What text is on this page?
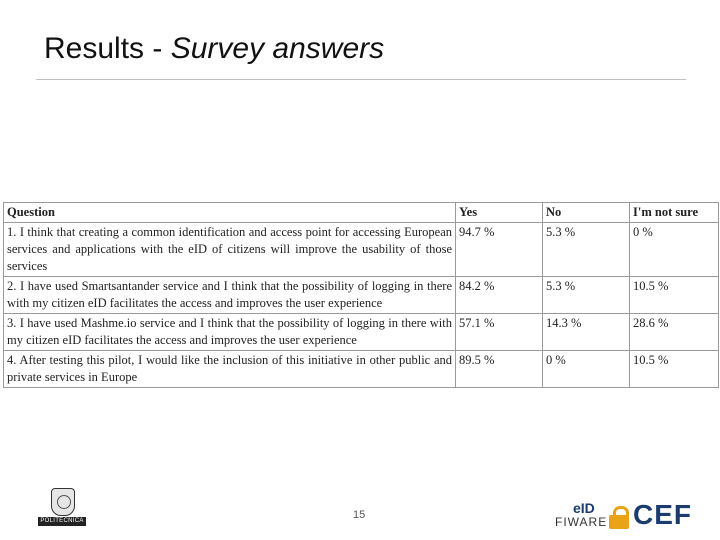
Results - Survey answers
Question	Yes	No	I'm not sure
1. I think that creating a common identification and access point for accessing European services and applications with the eID of citizens will improve the usability of those services	94.7 %	5.3 %	0 %
2. I have used Smartsantander service and I think that the possibility of logging in there with my citizen eID facilitates the access and improves the user experience	84.2 %	5.3 %	10.5 %
3. I have used Mashme.io service and I think that the possibility of logging in there with my citizen eID facilitates the access and improves the user experience	57.1 %	14.3 %	28.6 %
4. After testing this pilot, I would like the inclusion of this initiative in other public and private services in Europe	89.5 %	0 %	10.5 %
POLITÉCNICA	15	eID
FIWARE CEF
